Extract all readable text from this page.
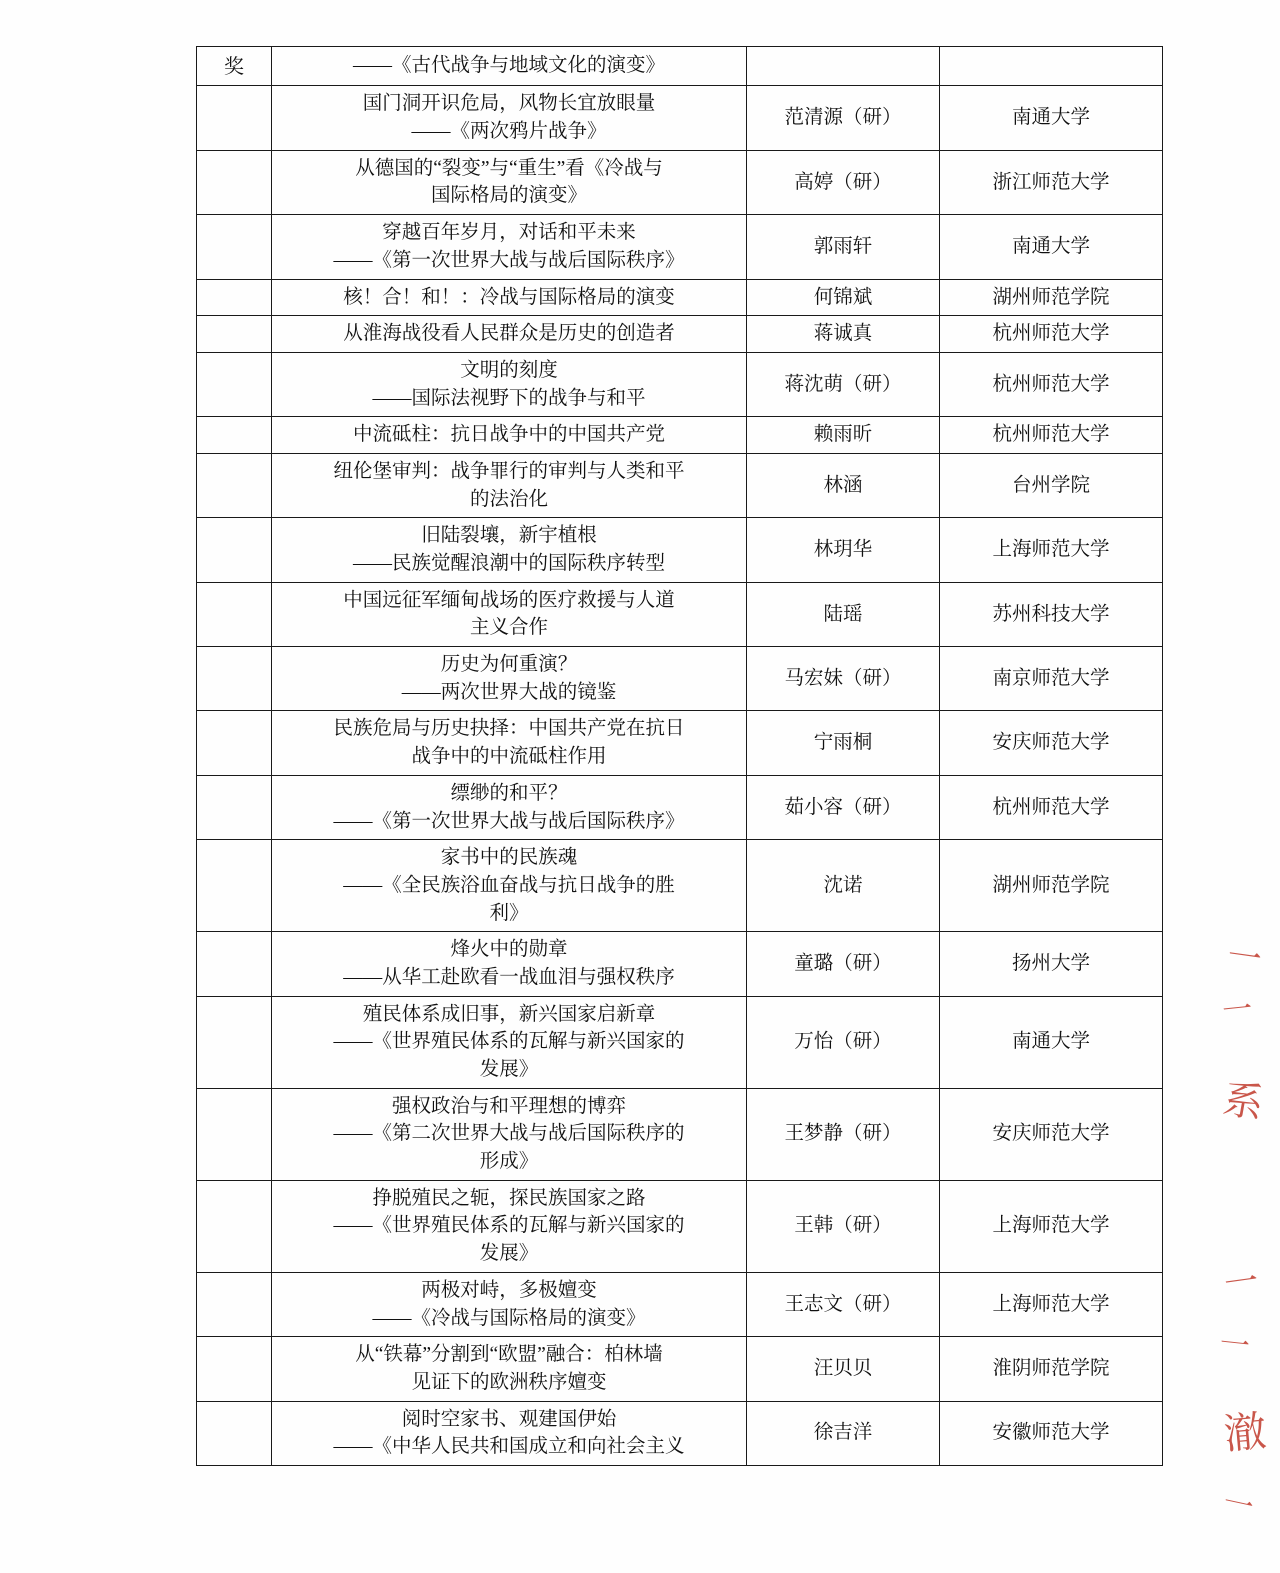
奖	——《古代战争与地域文化的演变》		

	国门洞开识危局，风物长宜放眼量
——《两次鸦片战争》	范清源（研）	南通大学

	从德国的“裂变”与“重生”看《冷战与
国际格局的演变》	高婷（研）	浙江师范大学

	穿越百年岁月，对话和平未来
——《第一次世界大战与战后国际秩序》	郭雨轩	南通大学

	核！合！和！：冷战与国际格局的演变	何锦斌	湖州师范学院

	从淮海战役看人民群众是历史的创造者	蒋诚真	杭州师范大学

	文明的刻度
——国际法视野下的战争与和平	蒋沈萌（研）	杭州师范大学

	中流砥柱：抗日战争中的中国共产党	赖雨昕	杭州师范大学

	纽伦堡审判：战争罪行的审判与人类和平
的法治化	林涵	台州学院

	旧陆裂壤，新宇植根
——民族觉醒浪潮中的国际秩序转型	林玥华	上海师范大学

	中国远征军缅甸战场的医疗救援与人道
主义合作	陆瑶	苏州科技大学

	历史为何重演？
——两次世界大战的镜鉴	马宏妹（研）	南京师范大学

	民族危局与历史抉择：中国共产党在抗日
战争中的中流砥柱作用	宁雨桐	安庆师范大学

	缥缈的和平？
——《第一次世界大战与战后国际秩序》	茹小容（研）	杭州师范大学

	家书中的民族魂
——《全民族浴血奋战与抗日战争的胜
利》	沈诺	湖州师范学院

	烽火中的勋章
——从华工赴欧看一战血泪与强权秩序	童璐（研）	扬州大学

	殖民体系成旧事，新兴国家启新章
——《世界殖民体系的瓦解与新兴国家的
发展》	万怡（研）	南通大学

	强权政治与和平理想的博弈
——《第二次世界大战与战后国际秩序的
形成》	王梦静（研）	安庆师范大学

	挣脱殖民之轭，探民族国家之路
——《世界殖民体系的瓦解与新兴国家的
发展》	王韩（研）	上海师范大学

	两极对峙，多极嬗变
——《冷战与国际格局的演变》	王志文（研）	上海师范大学

	从“铁幕”分割到“欧盟”融合：柏林墙
见证下的欧洲秩序嬗变	汪贝贝	淮阴师范学院

	阅时空家书、观建国伊始
——《中华人民共和国成立和向社会主义	徐吉洋	安徽师范大学
一
一
系
一
一
澈
一
